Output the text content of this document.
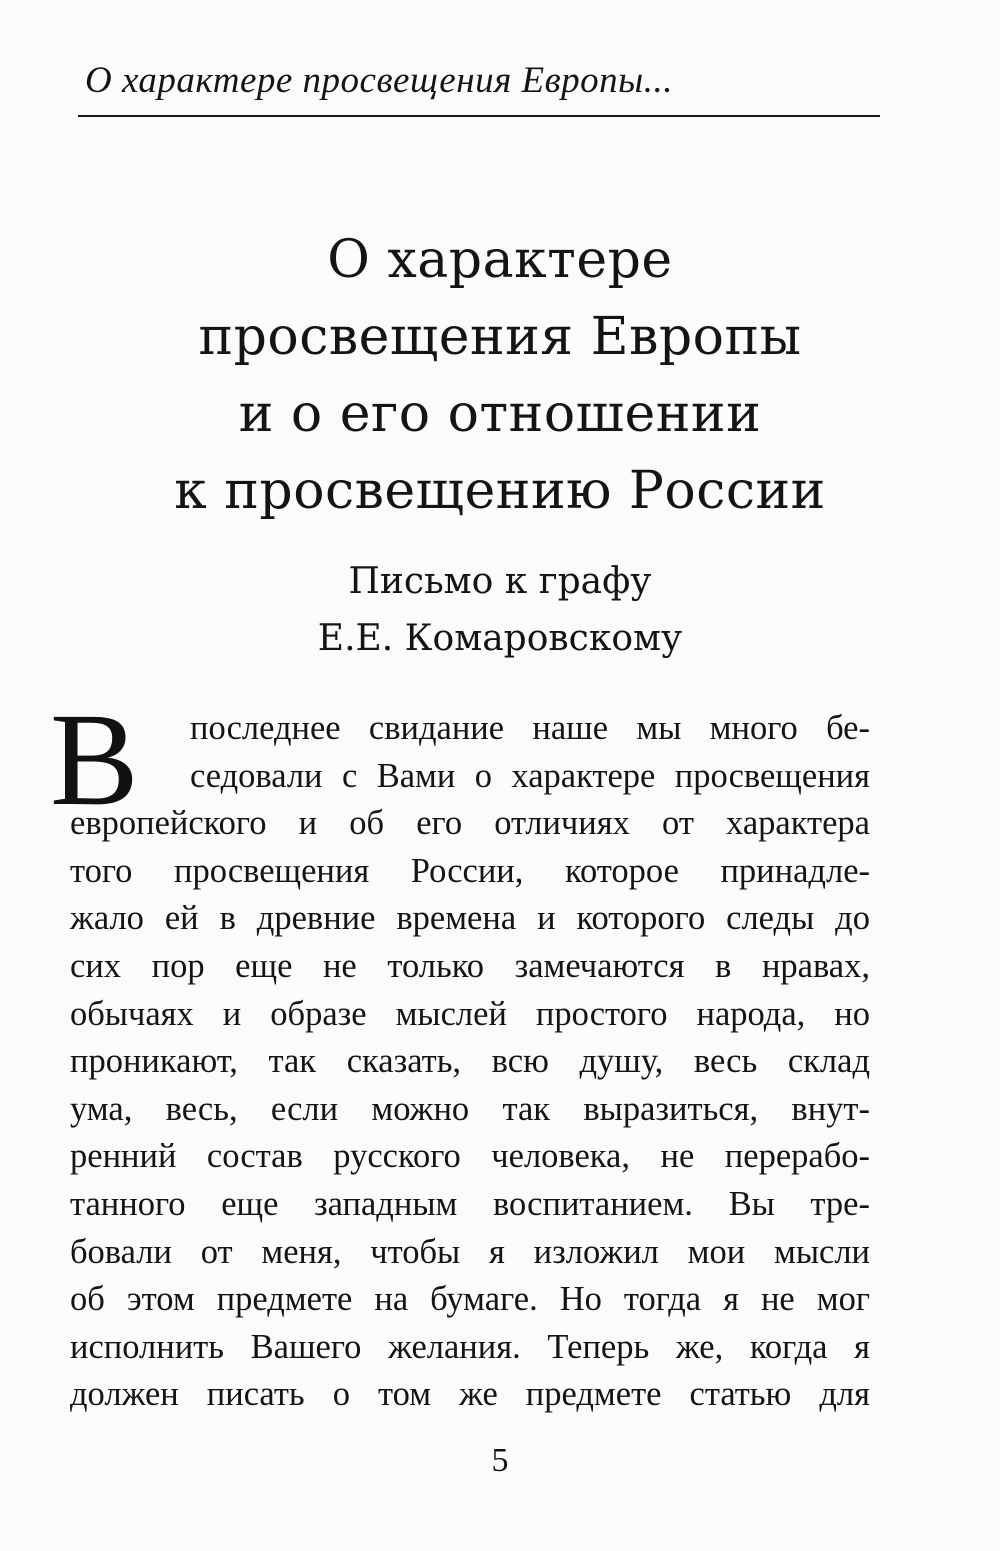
О характере просвещения Европы...
О характере
просвещения Европы
и о его отношении
к просвещению России
Письмо к графу
Е.Е. Комаровскому
В	последнее свидание наше мы много бе-
седовали с Вами о характере просвещения
европейского и об его отличиях от характера
того просвещения России, которое принадле-
жало ей в древние времена и которого следы до
сих пор еще не только замечаются в нравах,
обычаях и образе мыслей простого народа, но
проникают, так сказать, всю душу, весь склад
ума, весь, если можно так выразиться, внут-
ренний состав русского человека, не перерабо-
танного еще западным воспитанием. Вы тре-
бовали от меня, чтобы я изложил мои мысли
об этом предмете на бумаге. Но тогда я не мог
исполнить Вашего желания. Теперь же, когда я
должен писать о том же предмете статью для
5
